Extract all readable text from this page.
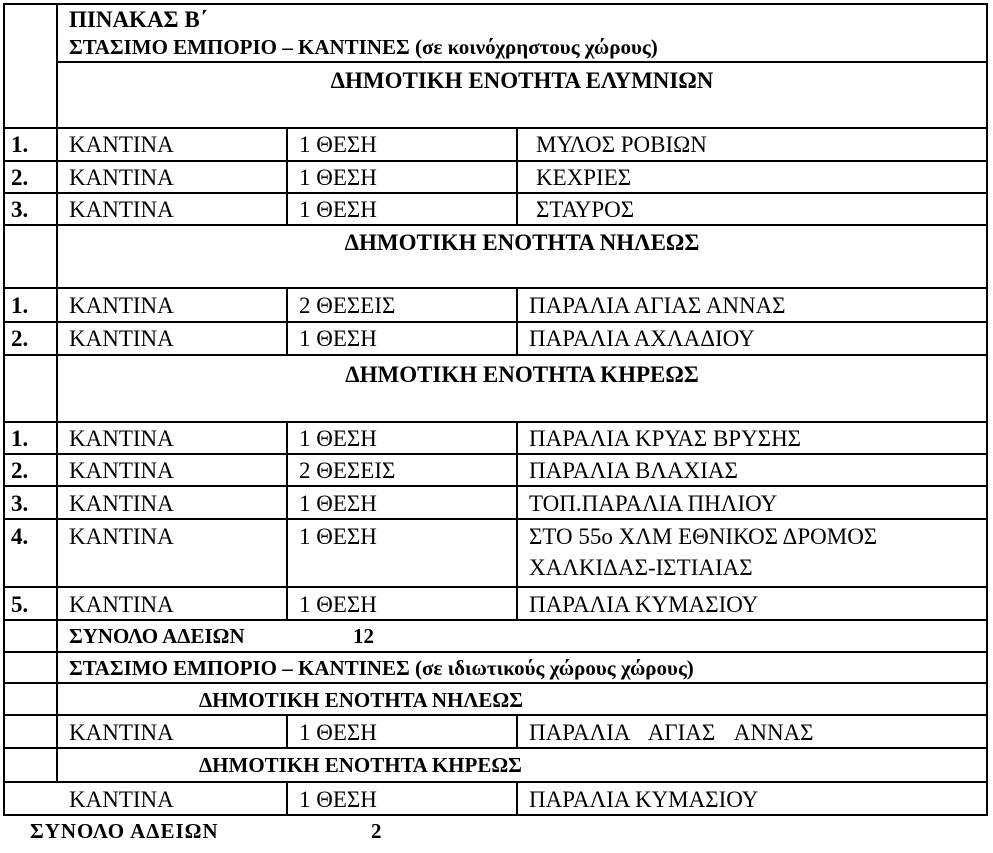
ΠΙΝΑΚΑΣ Β΄
ΣΤΑΣΙΜΟ ΕΜΠΟΡΙΟ – ΚΑΝΤΙΝΕΣ (σε κοινόχρηστους χώρους)
ΔΗΜΟΤΙΚΗ ΕΝΟΤΗΤΑ ΕΛΥΜΝΙΩΝ
1. ΚΑΝΤΙΝΑ	1 ΘΕΣΗ	ΜΥΛΟΣ ΡΟΒΙΩΝ
2. ΚΑΝΤΙΝΑ	1 ΘΕΣΗ	ΚΕΧΡΙΕΣ
3. ΚΑΝΤΙΝΑ	1 ΘΕΣΗ	ΣΤΑΥΡΟΣ
ΔΗΜΟΤΙΚΗ ΕΝΟΤΗΤΑ ΝΗΛΕΩΣ
1. ΚΑΝΤΙΝΑ	2 ΘΕΣΕΙΣ	ΠΑΡΑΛΙΑ ΑΓΙΑΣ ΑΝΝΑΣ
2. ΚΑΝΤΙΝΑ	1 ΘΕΣΗ	ΠΑΡΑΛΙΑ ΑΧΛΑΔΙΟΥ
ΔΗΜΟΤΙΚΗ ΕΝΟΤΗΤΑ ΚΗΡΕΩΣ
1. ΚΑΝΤΙΝΑ	1 ΘΕΣΗ	ΠΑΡΑΛΙΑ ΚΡΥΑΣ ΒΡΥΣΗΣ
2. ΚΑΝΤΙΝΑ	2 ΘΕΣΕΙΣ	ΠΑΡΑΛΙΑ ΒΛΑΧΙΑΣ
3. ΚΑΝΤΙΝΑ	1 ΘΕΣΗ	ΤΟΠ.ΠΑΡΑΛΙΑ ΠΗΛΙΟΥ
4. ΚΑΝΤΙΝΑ	1 ΘΕΣΗ	ΣΤΟ 55ο ΧΛΜ ΕΘΝΙΚΟΣ ΔΡΟΜΟΣ ΧΑΛΚΙΔΑΣ-ΙΣΤΙΑΙΑΣ
5. ΚΑΝΤΙΝΑ	1 ΘΕΣΗ	ΠΑΡΑΛΙΑ ΚΥΜΑΣΙΟΥ
ΣΥΝΟΛΟ ΑΔΕΙΩΝ	12
ΣΤΑΣΙΜΟ ΕΜΠΟΡΙΟ – ΚΑΝΤΙΝΕΣ (σε ιδιωτικούς χώρους χώρους)
ΔΗΜΟΤΙΚΗ ΕΝΟΤΗΤΑ ΝΗΛΕΩΣ
ΚΑΝΤΙΝΑ	1 ΘΕΣΗ	ΠΑΡΑΛΙΑ ΑΓΙΑΣ ΑΝΝΑΣ
ΔΗΜΟΤΙΚΗ ΕΝΟΤΗΤΑ ΚΗΡΕΩΣ
ΚΑΝΤΙΝΑ	1 ΘΕΣΗ	ΠΑΡΑΛΙΑ ΚΥΜΑΣΙΟΥ
ΣΥΝΟΛΟ ΑΔΕΙΩΝ	2
